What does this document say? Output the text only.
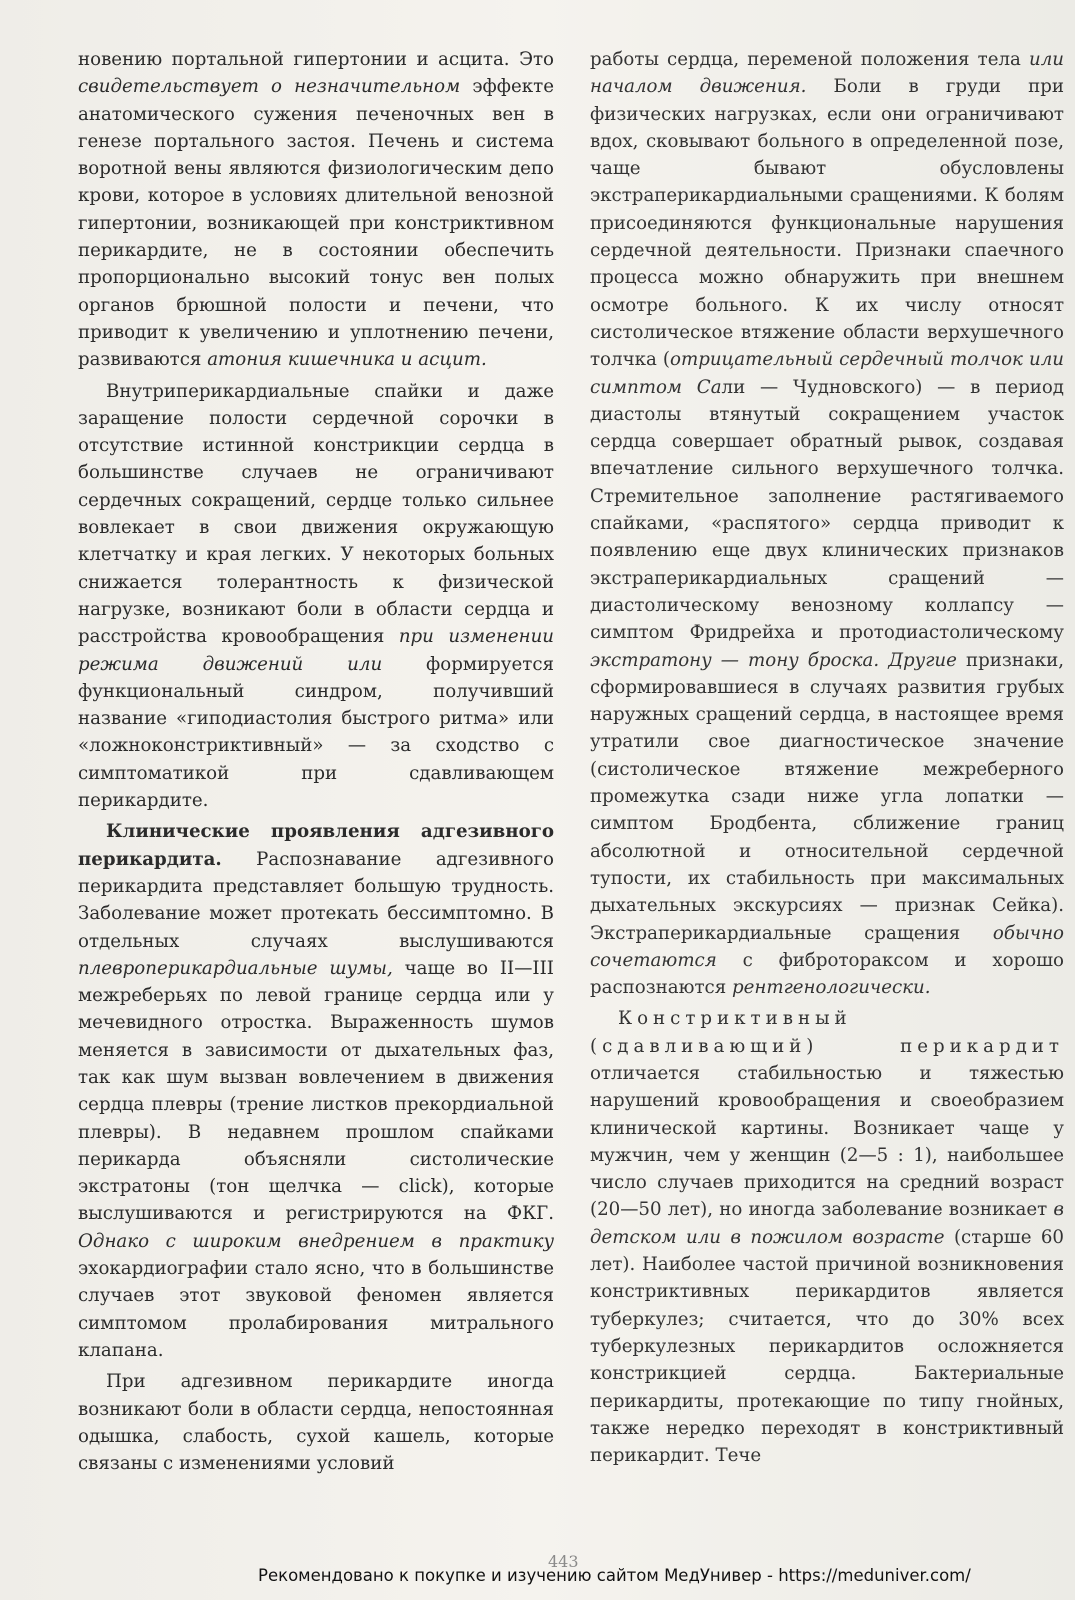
новению портальной гипертонии и асцита. Это свидетельствует о незначительном эффекте анатомического сужения печеночных вен в генезе портального застоя. Печень и система воротной вены являются физиологическим депо крови, которое в условиях длительной венозной гипертонии, возникающей при констриктивном перикардите, не в состоянии обеспечить пропорционально высокий тонус вен полых органов брюшной полости и печени, что приводит к увеличению и уплотнению печени, развиваются атония кишечника и асцит.

Внутриперикардиальные спайки и даже заращение полости сердечной сорочки в отсутствие истинной констрикции сердца в большинстве случаев не ограничивают сердечных сокращений, сердце только сильнее вовлекает в свои движения окружающую клетчатку и края легких. У некоторых больных снижается толерантность к физической нагрузке, возникают боли в области сердца и расстройства кровообращения при изменении режима движений или формируется функциональный синдром, получивший название «гиподиастолия быстрого ритма» или «ложноконстриктивный» — за сходство с симптоматикой при сдавливающем перикардите.

Клинические проявления адгезивного перикардита. Распознавание адгезивного перикардита представляет большую трудность. Заболевание может протекать бессимптомно. В отдельных случаях выслушиваются плевроперикардиальные шумы, чаще во II—III межреберьях по левой границе сердца или у мечевидного отростка. Выраженность шумов меняется в зависимости от дыхательных фаз, так как шум вызван вовлечением в движения сердца плевры (трение листков прекордиальной плевры). В недавнем прошлом спайками перикарда объясняли систолические экстратоны (тон щелчка — click), которые выслушиваются и регистрируются на ФКГ. Однако с широким внедрением в практику эхокардиографии стало ясно, что в большинстве случаев этот звуковой феномен является симптомом пролабирования митрального клапана.

При адгезивном перикардите иногда возникают боли в области сердца, непостоянная одышка, слабость, сухой кашель, которые связаны с изменениями условий

работы сердца, переменой положения тела или началом движения. Боли в груди при физических нагрузках, если они ограничивают вдох, сковывают больного в определенной позе, чаще бывают обусловлены экстраперикардиальными сращениями. К болям присоединяются функциональные нарушения сердечной деятельности. Признаки спаечного процесса можно обнаружить при внешнем осмотре больного. К их числу относят систолическое втяжение области верхушечного толчка (отрицательный сердечный толчок или симптом Сали — Чудновского) — в период диастолы втянутый сокращением участок сердца совершает обратный рывок, создавая впечатление сильного верхушечного толчка. Стремительное заполнение растягиваемого спайками, «распятого» сердца приводит к появлению еще двух клинических признаков экстраперикардиальных сращений — диастолическому венозному коллапсу — симптом Фридрейха и протодиастолическому экстратону — тону броска. Другие признаки, сформировавшиеся в случаях развития грубых наружных сращений сердца, в настоящее время утратили свое диагностическое значение (систолическое втяжение межреберного промежутка сзади ниже угла лопатки — симптом Бродбента, сближение границ абсолютной и относительной сердечной тупости, их стабильность при максимальных дыхательных экскурсиях — признак Сейка). Экстраперикардиальные сращения обычно сочетаются с фиброторакcом и хорошо распознаются рентгенологически.

Констриктивный (сдавливающий) перикардит отличается стабильностью и тяжестью нарушений кровообращения и своеобразием клинической картины. Возникает чаще у мужчин, чем у женщин (2—5 : 1), наибольшее число случаев приходится на средний возраст (20—50 лет), но иногда заболевание возникает в детском или в пожилом возрасте (старше 60 лет). Наиболее частой причиной возникновения констриктивных перикардитов является туберкулез; считается, что до 30% всех туберкулезных перикардитов осложняется констрикцией сердца. Бактериальные перикардиты, протекающие по типу гнойных, также нередко переходят в констриктивный перикардит. Тече

443
Рекомендовано к покупке и изучению сайтом МедУнивер - https://meduniver.com/
